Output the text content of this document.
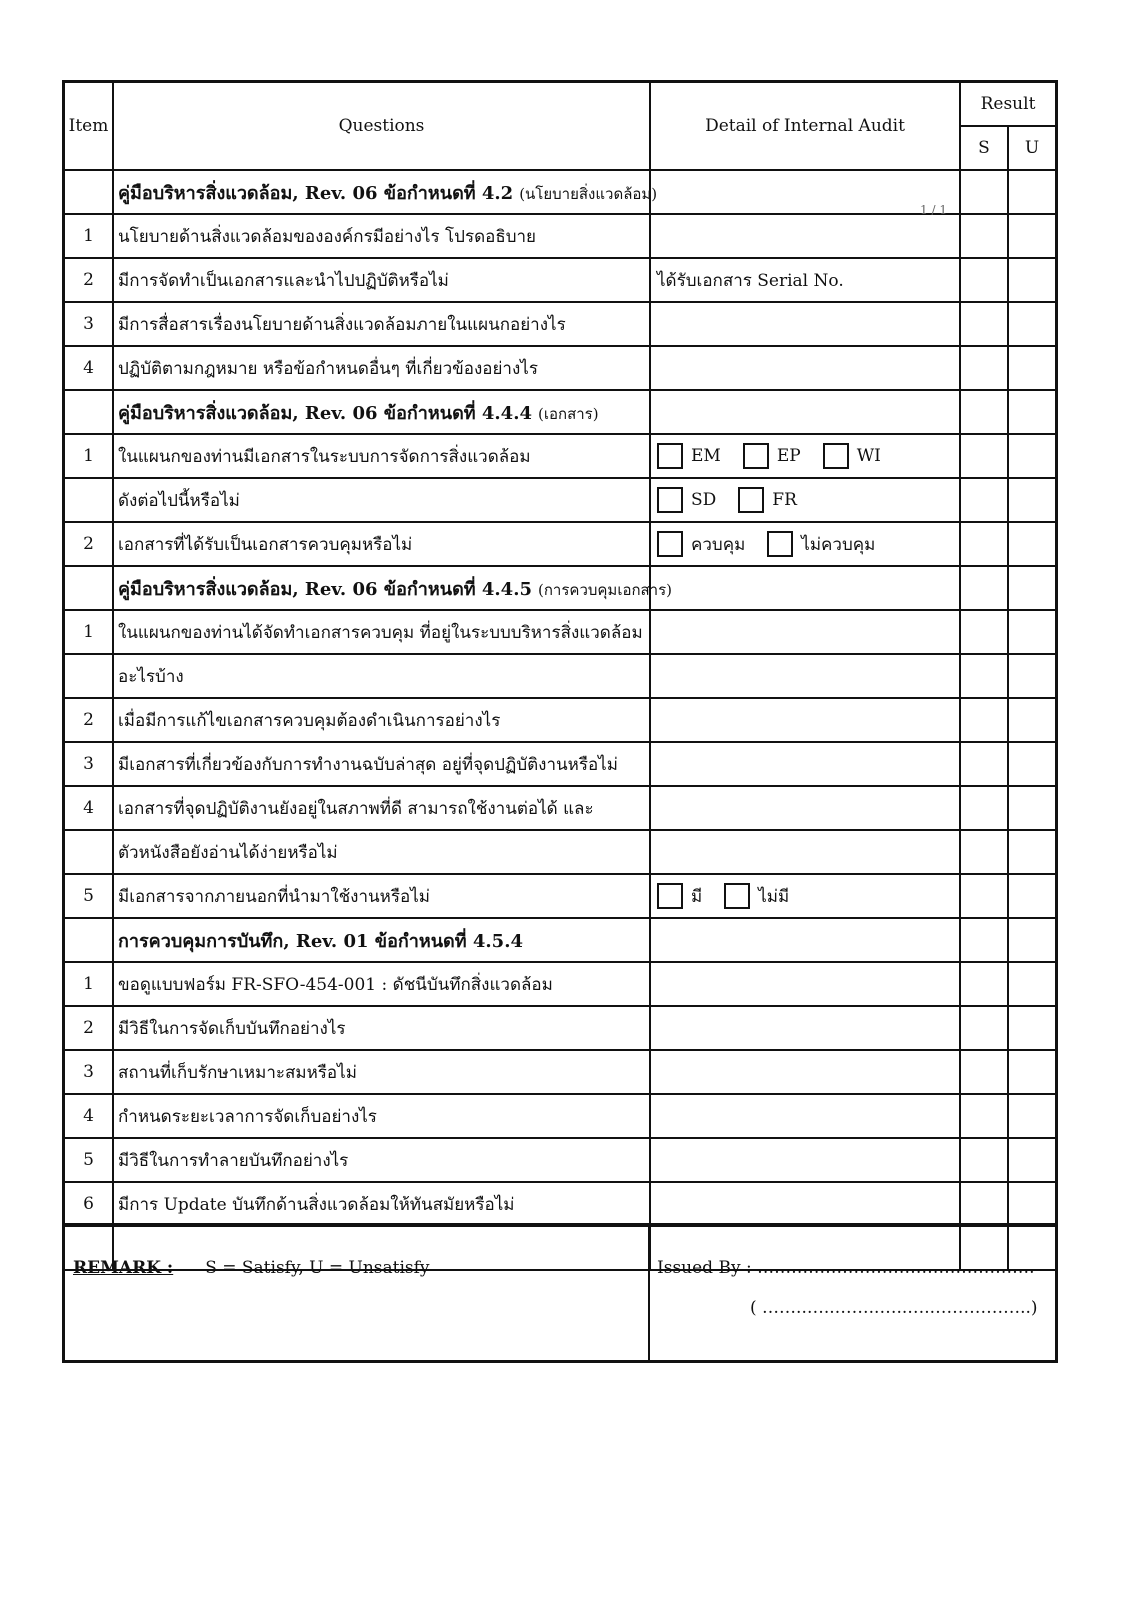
Item	Questions	Detail of Internal Audit	Result	
			S	U
	คู่มือบริหารสิ่งแวดล้อม, Rev. 06 ข้อกำหนดที่ 4.2 (นโยบายสิ่งแวดล้อม)	1 / 1		

1	นโยบายด้านสิ่งแวดล้อมขององค์กรมีอย่างไร โปรดอธิบาย			
2	มีการจัดทำเป็นเอกสารและนำไปปฏิบัติหรือไม่	ได้รับเอกสาร Serial No.		
3	มีการสื่อสารเรื่องนโยบายด้านสิ่งแวดล้อมภายในแผนกอย่างไร			
4	ปฏิบัติตามกฎหมาย หรือข้อกำหนดอื่นๆ ที่เกี่ยวข้องอย่างไร			
	คู่มือบริหารสิ่งแวดล้อม, Rev. 06 ข้อกำหนดที่ 4.4.4 (เอกสาร)			
1	ในแผนกของท่านมีเอกสารในระบบการจัดการสิ่งแวดล้อม	EM EP WI		

	ดังต่อไปนี้หรือไม่	SD FR		

2	เอกสารที่ได้รับเป็นเอกสารควบคุมหรือไม่	ควบคุม ไม่ควบคุม		

	คู่มือบริหารสิ่งแวดล้อม, Rev. 06 ข้อกำหนดที่ 4.4.5 (การควบคุมเอกสาร)			
1	ในแผนกของท่านได้จัดทำเอกสารควบคุม ที่อยู่ในระบบบริหารสิ่งแวดล้อม			
	อะไรบ้าง			
2	เมื่อมีการแก้ไขเอกสารควบคุมต้องดำเนินการอย่างไร			
3	มีเอกสารที่เกี่ยวข้องกับการทำงานฉบับล่าสุด อยู่ที่จุดปฏิบัติงานหรือไม่			
4	เอกสารที่จุดปฏิบัติงานยังอยู่ในสภาพที่ดี สามารถใช้งานต่อได้ และ			
	ตัวหนังสือยังอ่านได้ง่ายหรือไม่			
5	มีเอกสารจากภายนอกที่นำมาใช้งานหรือไม่	มี ไม่มี		

	การควบคุมการบันทึก, Rev. 01 ข้อกำหนดที่ 4.5.4			
1	ขอดูแบบฟอร์ม FR-SFO-454-001 : ดัชนีบันทึกสิ่งแวดล้อม			
2	มีวิธีในการจัดเก็บบันทึกอย่างไร			
3	สถานที่เก็บรักษาเหมาะสมหรือไม่			
4	กำหนดระยะเวลาการจัดเก็บอย่างไร			
5	มีวิธีในการทำลายบันทึกอย่างไร			
6	มีการ Update บันทึกด้านสิ่งแวดล้อมให้ทันสมัยหรือไม่			

REMARK : S = Satisfy, U = Unsatisfy	Issued By : ………………………………………….
( ……..…..……..…..…..……………..)
